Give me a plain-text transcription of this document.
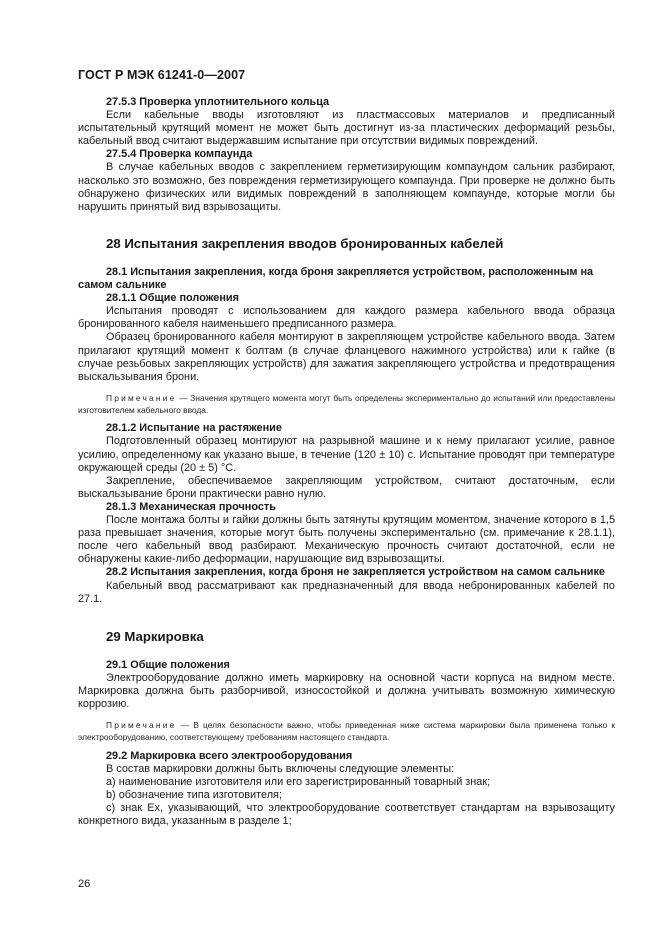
ГОСТ Р МЭК 61241-0—2007

27.5.3 Проверка уплотнительного кольца

Если кабельные вводы изготовляют из пластмассовых материалов и предписанный испытательный крутящий момент не может быть достигнут из-за пластических деформаций резьбы, кабельный ввод считают выдержавшим испытание при отсутствии видимых повреждений.

27.5.4 Проверка компаунда

В случае кабельных вводов с закреплением герметизирующим компаундом сальник разбирают, насколько это возможно, без повреждения герметизирующего компаунда. При проверке не должно быть обнаружено физических или видимых повреждений в заполняющем компаунде, которые могли бы нарушить принятый вид взрывозащиты.

28 Испытания закрепления вводов бронированных кабелей

28.1 Испытания закрепления, когда броня закрепляется устройством, расположенным на самом сальнике

28.1.1 Общие положения

Испытания проводят с использованием для каждого размера кабельного ввода образца бронированного кабеля наименьшего предписанного размера.

Образец бронированного кабеля монтируют в закрепляющем устройстве кабельного ввода. Затем прилагают крутящий момент к болтам (в случае фланцевого нажимного устройства) или к гайке (в случае резьбовых закрепляющих устройств) для зажатия закрепляющего устройства и предотвращения выскальзывания брони.

Примечание — Значения крутящего момента могут быть определены экспериментально до испытаний или предоставлены изготовителем кабельного ввода.

28.1.2 Испытание на растяжение

Подготовленный образец монтируют на разрывной машине и к нему прилагают усилие, равное усилию, определенному как указано выше, в течение (120 ± 10) с. Испытание проводят при температуре окружающей среды (20 ± 5) °С.

Закрепление, обеспечиваемое закрепляющим устройством, считают достаточным, если выскальзывание брони практически равно нулю.

28.1.3 Механическая прочность

После монтажа болты и гайки должны быть затянуты крутящим моментом, значение которого в 1,5 раза превышает значения, которые могут быть получены экспериментально (см. примечание к 28.1.1), после чего кабельный ввод разбирают. Механическую прочность считают достаточной, если не обнаружены какие-либо деформации, нарушающие вид взрывозащиты.

28.2 Испытания закрепления, когда броня не закрепляется устройством на самом сальнике

Кабельный ввод рассматривают как предназначенный для ввода небронированных кабелей по 27.1.

29 Маркировка

29.1 Общие положения

Электрооборудование должно иметь маркировку на основной части корпуса на видном месте. Маркировка должна быть разборчивой, износостойкой и должна учитывать возможную химическую коррозию.

Примечание — В целях безопасности важно, чтобы приведенная ниже система маркировки была применена только к электрооборудованию, соответствующему требованиям настоящего стандарта.

29.2 Маркировка всего электрооборудования

В состав маркировки должны быть включены следующие элементы:

a) наименование изготовителя или его зарегистрированный товарный знак;

b) обозначение типа изготовителя;

c) знак Ex, указывающий, что электрооборудование соответствует стандартам на взрывозащиту конкретного вида, указанным в разделе 1;

26
